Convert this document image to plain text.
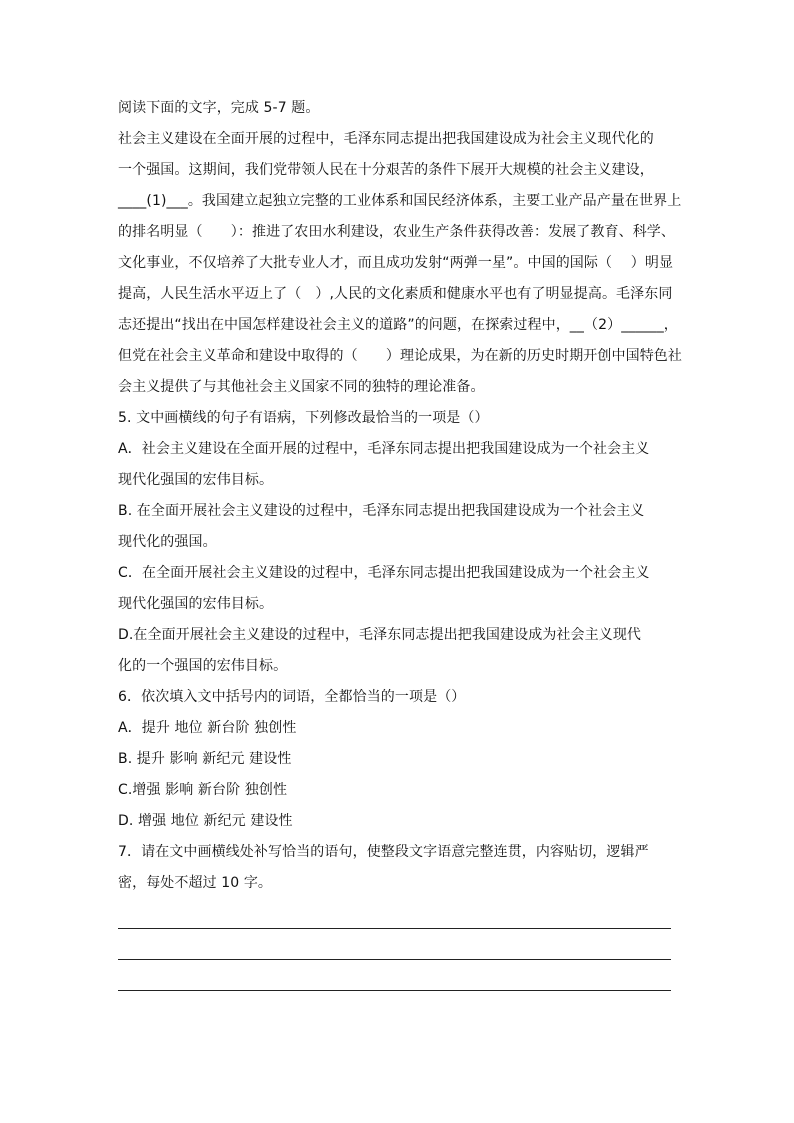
阅读下面的文字，完成 5-7 题。
社会主义建设在全面开展的过程中，毛泽东同志提出把我国建设成为社会主义现代化的
一个强国。这期间，我们党带领人民在十分艰苦的条件下展开大规模的社会主义建设，
____(1)___。我国建立起独立完整的工业体系和国民经济体系，主要工业产品产量在世界上
的排名明显（　　）：推进了农田水利建设，农业生产条件获得改善：发展了教育、科学、
文化事业，不仅培养了大批专业人才，而且成功发射“两弹一星”。中国的国际（　 ）明显
提高，人民生活水平迈上了（　）,人民的文化素质和健康水平也有了明显提高。毛泽东同
志还提出“找出在中国怎样建设社会主义的道路”的问题，在探索过程中，__（2）______，
但党在社会主义革命和建设中取得的（　　）理论成果，为在新的历史时期开创中国特色社
会主义提供了与其他社会主义国家不同的独特的理论准备。
5. 文中画横线的句子有语病，下列修改最恰当的一项是（）
A．社会主义建设在全面开展的过程中，毛泽东同志提出把我国建设成为一个社会主义
现代化强国的宏伟目标。
B. 在全面开展社会主义建设的过程中，毛泽东同志提出把我国建设成为一个社会主义
现代化的强国。
C．在全面开展社会主义建设的过程中，毛泽东同志提出把我国建设成为一个社会主义
现代化强国的宏伟目标。
D.在全面开展社会主义建设的过程中，毛泽东同志提出把我国建设成为社会主义现代
化的一个强国的宏伟目标。
6．依次填入文中括号内的词语，全都恰当的一项是（）
A．提升 地位 新台阶 独创性
B. 提升 影响 新纪元 建设性
C.增强 影响 新台阶 独创性
D. 增强 地位 新纪元 建设性
7．请在文中画横线处补写恰当的语句，使整段文字语意完整连贯，内容贴切，逻辑严
密，每处不超过 10 字。
